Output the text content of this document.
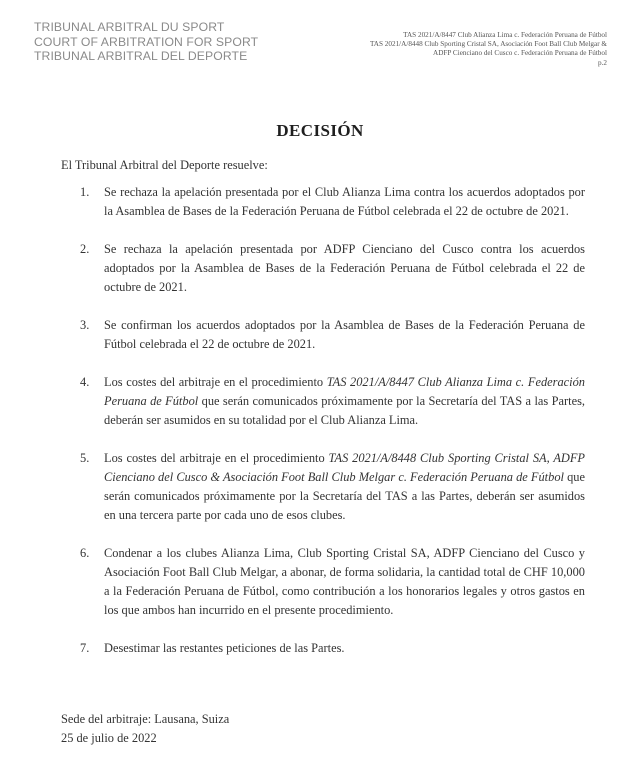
TRIBUNAL ARBITRAL DU SPORT
COURT OF ARBITRATION FOR SPORT
TRIBUNAL ARBITRAL DEL DEPORTE
TAS 2021/A/8447 Club Alianza Lima c. Federación Peruana de Fútbol
TAS 2021/A/8448 Club Sporting Cristal SA, Asociación Foot Ball Club Melgar &
ADFP Cienciano del Cusco c. Federación Peruana de Fútbol
p.2
DECISIÓN
El Tribunal Arbitral del Deporte resuelve:
1.	Se rechaza la apelación presentada por el Club Alianza Lima contra los acuerdos adoptados por la Asamblea de Bases de la Federación Peruana de Fútbol celebrada el 22 de octubre de 2021.
2.	Se rechaza la apelación presentada por ADFP Cienciano del Cusco contra los acuerdos adoptados por la Asamblea de Bases de la Federación Peruana de Fútbol celebrada el 22 de octubre de 2021.
3.	Se confirman los acuerdos adoptados por la Asamblea de Bases de la Federación Peruana de Fútbol celebrada el 22 de octubre de 2021.
4.	Los costes del arbitraje en el procedimiento TAS 2021/A/8447 Club Alianza Lima c. Federación Peruana de Fútbol que serán comunicados próximamente por la Secretaría del TAS a las Partes, deberán ser asumidos en su totalidad por el Club Alianza Lima.
5.	Los costes del arbitraje en el procedimiento TAS 2021/A/8448 Club Sporting Cristal SA, ADFP Cienciano del Cusco & Asociación Foot Ball Club Melgar c. Federación Peruana de Fútbol que serán comunicados próximamente por la Secretaría del TAS a las Partes, deberán ser asumidos en una tercera parte por cada uno de esos clubes.
6.	Condenar a los clubes Alianza Lima, Club Sporting Cristal SA, ADFP Cienciano del Cusco y Asociación Foot Ball Club Melgar, a abonar, de forma solidaria, la cantidad total de CHF 10,000 a la Federación Peruana de Fútbol, como contribución a los honorarios legales y otros gastos en los que ambos han incurrido en el presente procedimiento.
7.	Desestimar las restantes peticiones de las Partes.
Sede del arbitraje: Lausana, Suiza
25 de julio de 2022
